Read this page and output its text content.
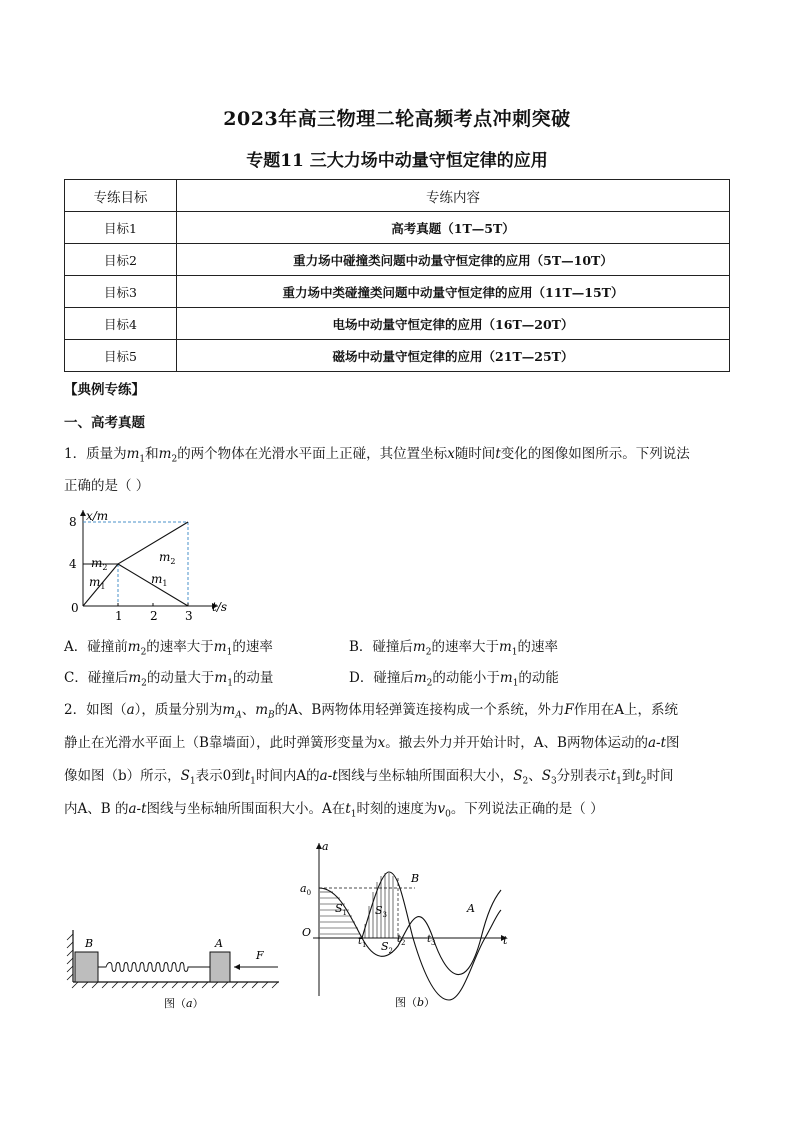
2023年高三物理二轮高频考点冲刺突破
专题11 三大力场中动量守恒定律的应用
专练目标	专练内容
目标1	高考真题（1T—5T）
目标2	重力场中碰撞类问题中动量守恒定律的应用（5T—10T）
目标3	重力场中类碰撞类问题中动量守恒定律的应用（11T—15T）
目标4	电场中动量守恒定律的应用（16T—20T）
目标5	磁场中动量守恒定律的应用（21T—25T）
【典例专练】
一、高考真题
1．质量为$m_1$和$m_2$的两个物体在光滑水平面上正碰，其位置坐标x随时间t变化的图像如图所示。下列说法
正确的是（ ）
1 2 3
4
8 x/m
t/s
0
$m_2$
$m_1$
$m_2$
$m_1$
A．碰撞前$m_2$的速率大于$m_1$的速率	B．碰撞后$m_2$的速率大于$m_1$的速率
C．碰撞后$m_2$的动量大于$m_1$的动量	D．碰撞后$m_2$的动能小于$m_1$的动能
2．如图（a），质量分别为$m_A$、$m_B$的A、B两物体用轻弹簧连接构成一个系统，外力F作用在A上，系统
静止在光滑水平面上（B靠墙面），此时弹簧形变量为x。撤去外力并开始计时，A、B两物体运动的a-t图
像如图（b）所示，$S_1$表示0到$t_1$时间内A的a-t图线与坐标轴所围面积大小，$S_2$、$S_3$分别表示$t_1$到$t_2$时间
内A、B 的a-t图线与坐标轴所围面积大小。A在$t_1$时刻的速度为$v_0$。下列说法正确的是（ ）
B	A
F
图（a）
a
t
O
$a_0$
$S_1$	$S_3$
$S_2$
$t_1$	$t_2$ $t_3$
B
A
图（b）
